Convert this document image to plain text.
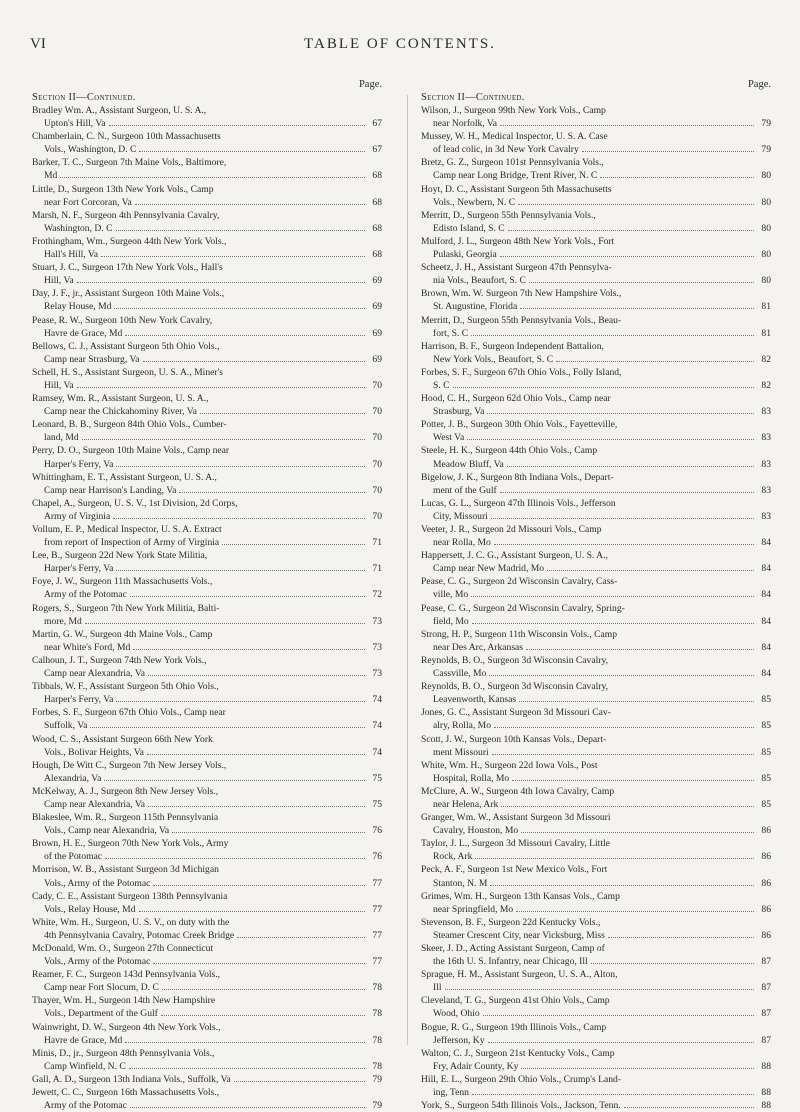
VI	TABLE OF CONTENTS.
Page.
Section II—Continued.
Bradley Wm. A., Assistant Surgeon, U. S. A.,
Upton's Hill, Va	67
Chamberlain, C. N., Surgeon 10th Massachusetts
Vols., Washington, D. C	67
Barker, T. C., Surgeon 7th Maine Vols., Baltimore,
Md	68
Little, D., Surgeon 13th New York Vols., Camp
near Fort Corcoran, Va	68
Marsh, N. F., Surgeon 4th Pennsylvania Cavalry,
Washington, D. C	68
Frothingham, Wm., Surgeon 44th New York Vols.,
Hall's Hill, Va	68
Stuart, J. C., Surgeon 17th New York Vols., Hall's
Hill, Va	69
Day, J. F., jr., Assistant Surgeon 10th Maine Vols.,
Relay House, Md	69
Pease, R. W., Surgeon 10th New York Cavalry,
Havre de Grace, Md	69
Bellows, C. J., Assistant Surgeon 5th Ohio Vols.,
Camp near Strasburg, Va	69
Schell, H. S., Assistant Surgeon, U. S. A., Miner's
Hill, Va	70
Ramsey, Wm. R., Assistant Surgeon, U. S. A.,
Camp near the Chickahominy River, Va	70
Leonard, B. B., Surgeon 84th Ohio Vols., Cumber-
land, Md	70
Perry, D. O., Surgeon 10th Maine Vols., Camp near
Harper's Ferry, Va	70
Whittingham, E. T., Assistant Surgeon, U. S. A.,
Camp near Harrison's Landing, Va	70
Chapel, A., Surgeon, U. S. V., 1st Division, 2d Corps,
Army of Virginia	70
Vollum, E. P., Medical Inspector, U. S. A. Extract
from report of Inspection of Army of Virginia	71
Lee, B., Surgeon 22d New York State Militia,
Harper's Ferry, Va	71
Foye, J. W., Surgeon 11th Massachusetts Vols.,
Army of the Potomac	72
Rogers, S., Surgeon 7th New York Militia, Balti-
more, Md	73
Martin, G. W., Surgeon 4th Maine Vols., Camp
near White's Ford, Md	73
Calhoun, J. T., Surgeon 74th New York Vols.,
Camp near Alexandria, Va	73
Tibbals, W. F., Assistant Surgeon 5th Ohio Vols.,
Harper's Ferry, Va	74
Forbes, S. F., Surgeon 67th Ohio Vols., Camp near
Suffolk, Va	74
Wood, C. S., Assistant Surgeon 66th New York
Vols., Bolivar Heights, Va	74
Hough, De Witt C., Surgeon 7th New Jersey Vols.,
Alexandria, Va	75
McKelway, A. J., Surgeon 8th New Jersey Vols.,
Camp near Alexandria, Va	75
Blakeslee, Wm. R., Surgeon 115th Pennsylvania
Vols., Camp near Alexandria, Va	76
Brown, H. E., Surgeon 70th New York Vols., Army
of the Potomac	76
Morrison, W. B., Assistant Surgeon 3d Michigan
Vols., Army of the Potomac	77
Cady, C. E., Assistant Surgeon 138th Pennsylvania
Vols., Relay House, Md	77
White, Wm. H., Surgeon, U. S. V., on duty with the
4th Pennsylvania Cavalry, Potomac Creek Bridge	77
McDonald, Wm. O., Surgeon 27th Connecticut
Vols., Army of the Potomac	77
Reamer, F. C., Surgeon 143d Pennsylvania Vols.,
Camp near Fort Slocum, D. C	78
Thayer, Wm. H., Surgeon 14th New Hampshire
Vols., Department of the Gulf	78
Wainwright, D. W., Surgeon 4th New York Vols.,
Havre de Grace, Md	78
Minis, D., jr., Surgeon 48th Pennsylvania Vols.,
Camp Winfield, N. C	78
Gall, A. D., Surgeon 13th Indiana Vols., Suffolk, Va	79
Jewett, C. C., Surgeon 16th Massachusetts Vols.,
Army of the Potomac	79
Page.
Section II—Continued.
Wilson, J., Surgeon 99th New York Vols., Camp
near Norfolk, Va	79
Mussey, W. H., Medical Inspector, U. S. A. Case
of lead colic, in 3d New York Cavalry	79
Bretz, G. Z., Surgeon 101st Pennsylvania Vols.,
Camp near Long Bridge, Trent River, N. C	80
Hoyt, D. C., Assistant Surgeon 5th Massachusetts
Vols., Newbern, N. C	80
Merritt, D., Surgeon 55th Pennsylvania Vols.,
Edisto Island, S. C	80
Mulford, J. L., Surgeon 48th New York Vols., Fort
Pulaski, Georgia	80
Scheetz, J. H., Assistant Surgeon 47th Pennsylva-
nia Vols., Beaufort, S. C	80
Brown, Wm. W. Surgeon 7th New Hampshire Vols.,
St. Augustine, Florida	81
Merritt, D., Surgeon 55th Pennsylvania Vols., Beau-
fort, S. C	81
Harrison, B. F., Surgeon Independent Battalion,
New York Vols., Beaufort, S. C	82
Forbes, S. F., Surgeon 67th Ohio Vols., Folly Island,
S. C	82
Hood, C. H., Surgeon 62d Ohio Vols., Camp near
Strasburg, Va	83
Potter, J. B., Surgeon 30th Ohio Vols., Fayetteville,
West Va	83
Steele, H. K., Surgeon 44th Ohio Vols., Camp
Meadow Bluff, Va	83
Bigelow, J. K., Surgeon 8th Indiana Vols., Depart-
ment of the Gulf	83
Lucas, G. L., Surgeon 47th Illinois Vols., Jefferson
City, Missouri	83
Veeter, J. R., Surgeon 2d Missouri Vols., Camp
near Rolla, Mo	84
Happersett, J. C. G., Assistant Surgeon, U. S. A.,
Camp near New Madrid, Mo	84
Pease, C. G., Surgeon 2d Wisconsin Cavalry, Cass-
ville, Mo	84
Pease, C. G., Surgeon 2d Wisconsin Cavalry, Spring-
field, Mo	84
Strong, H. P., Surgeon 11th Wisconsin Vols., Camp
near Des Arc, Arkansas	84
Reynolds, B. O., Surgeon 3d Wisconsin Cavalry,
Cassville, Mo	84
Reynolds, B. O., Surgeon 3d Wisconsin Cavalry,
Leavenworth, Kansas	85
Jones, G. C., Assistant Surgeon 3d Missouri Cav-
alry, Rolla, Mo	85
Scott, J. W., Surgeon 10th Kansas Vols., Depart-
ment Missouri	85
White, Wm. H., Surgeon 22d Iowa Vols., Post
Hospital, Rolla, Mo	85
McClure, A. W., Surgeon 4th Iowa Cavalry, Camp
near Helena, Ark	85
Granger, Wm. W., Assistant Surgeon 3d Missouri
Cavalry, Houston, Mo	86
Taylor, J. L., Surgeon 3d Missouri Cavalry, Little
Rock, Ark	86
Peck, A. F., Surgeon 1st New Mexico Vols., Fort
Stanton, N. M	86
Grimes, Wm. H., Surgeon 13th Kansas Vols., Camp
near Springfield, Mo	86
Stevenson, B. F., Surgeon 22d Kentucky Vols.,
Steamer Crescent City, near Vicksburg, Miss	86
Skeer, J. D., Acting Assistant Surgeon, Camp of
the 16th U. S. Infantry, near Chicago, Ill	87
Sprague, H. M., Assistant Surgeon, U. S. A., Alton,
Ill	87
Cleveland, T. G., Surgeon 41st Ohio Vols., Camp
Wood, Ohio	87
Bogue, R. G., Surgeon 19th Illinois Vols., Camp
Jefferson, Ky	87
Walton, C. J., Surgeon 21st Kentucky Vols., Camp
Fry, Adair County, Ky	88
Hill, E. L., Surgeon 29th Ohio Vols., Crump's Land-
ing, Tenn	88
York, S., Surgeon 54th Illinois Vols., Jackson, Tenn.	88
